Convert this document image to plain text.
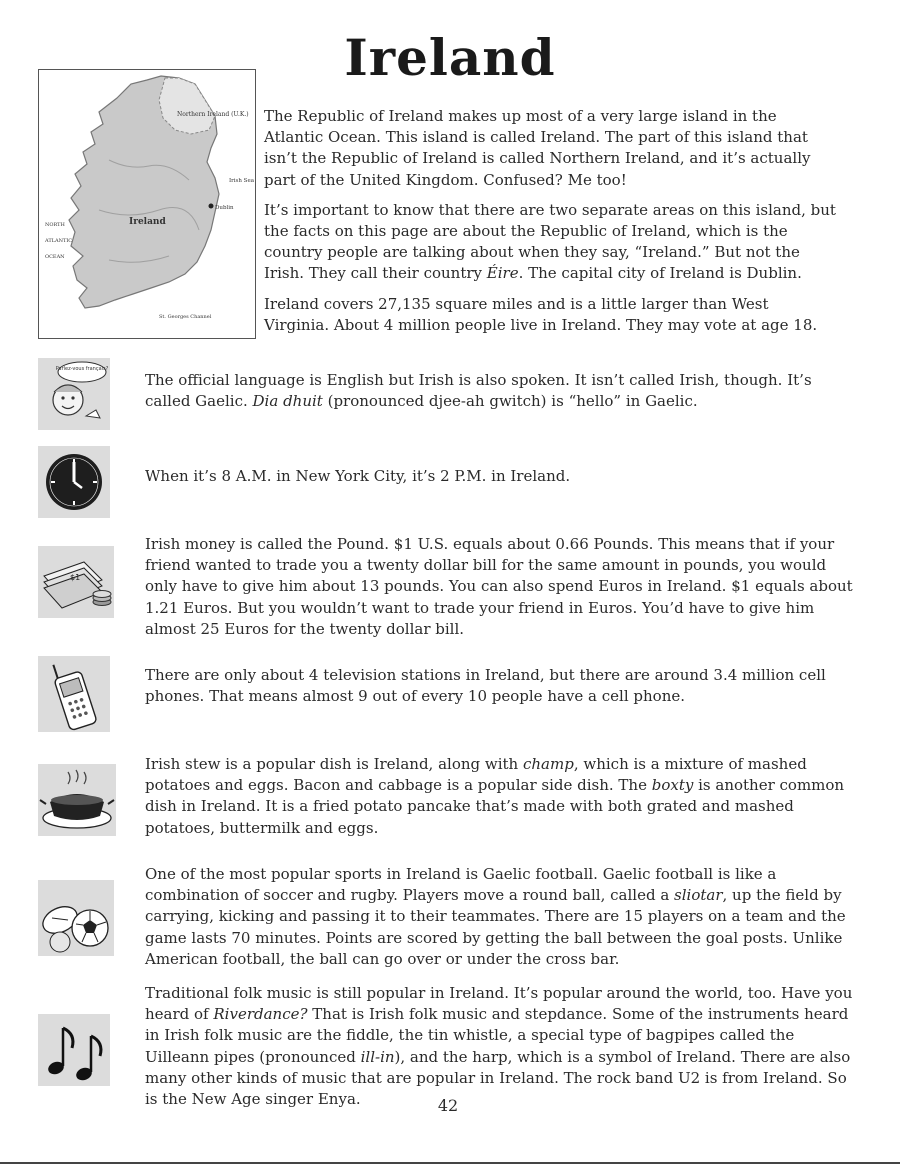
Ireland
Northern Ireland (U.K.)
Ireland
Dublin
Irish Sea
NORTH
ATLANTIC
OCEAN
St. Georges Channel

The Republic of Ireland makes up most of a very large island in the Atlantic Ocean. This island is called Ireland. The part of this island that isn’t the Republic of Ireland is called Northern Ireland, and it’s actually part of the United Kingdom. Confused? Me too!

It’s important to know that there are two separate areas on this island, but the facts on this page are about the Republic of Ireland, which is the country people are talking about when they say, “Ireland.” But not the Irish. They call their country Éire. The capital city of Ireland is Dublin.

Ireland covers 27,135 square miles and is a little larger than West Virginia. About 4 million people live in Ireland. They may vote at age 18.

Parlez-vous français?

The official language is English but Irish is also spoken. It isn’t called Irish, though. It’s called Gaelic. Dia dhuit (pronounced djee-ah gwitch) is “hello” in Gaelic.

When it’s 8 A.M. in New York City, it’s 2 P.M. in Ireland.

$1

Irish money is called the Pound. $1 U.S. equals about 0.66 Pounds. This means that if your friend wanted to trade you a twenty dollar bill for the same amount in pounds, you would only have to give him about 13 pounds. You can also spend Euros in Ireland. $1 equals about 1.21 Euros. But you wouldn’t want to trade your friend in Euros. You’d have to give him almost 25 Euros for the twenty dollar bill.

There are only about 4 television stations in Ireland, but there are around 3.4 million cell phones. That means almost 9 out of every 10 people have a cell phone.

Irish stew is a popular dish is Ireland, along with champ, which is a mixture of mashed potatoes and eggs. Bacon and cabbage is a popular side dish. The boxty is another common dish in Ireland. It is a fried potato pancake that’s made with both grated and mashed potatoes, buttermilk and eggs.

One of the most popular sports in Ireland is Gaelic football. Gaelic football is like a combination of soccer and rugby. Players move a round ball, called a sliotar, up the field by carrying, kicking and passing it to their teammates. There are 15 players on a team and the game lasts 70 minutes. Points are scored by getting the ball between the goal posts. Unlike American football, the ball can go over or under the cross bar.

Traditional folk music is still popular in Ireland. It’s popular around the world, too. Have you heard of Riverdance? That is Irish folk music and stepdance. Some of the instruments heard in Irish folk music are the fiddle, the tin whistle, a special type of bagpipes called the Uilleann pipes (pronounced ill-in), and the harp, which is a symbol of Ireland. There are also many other kinds of music that are popular in Ireland. The rock band U2 is from Ireland. So is the New Age singer Enya.	42
